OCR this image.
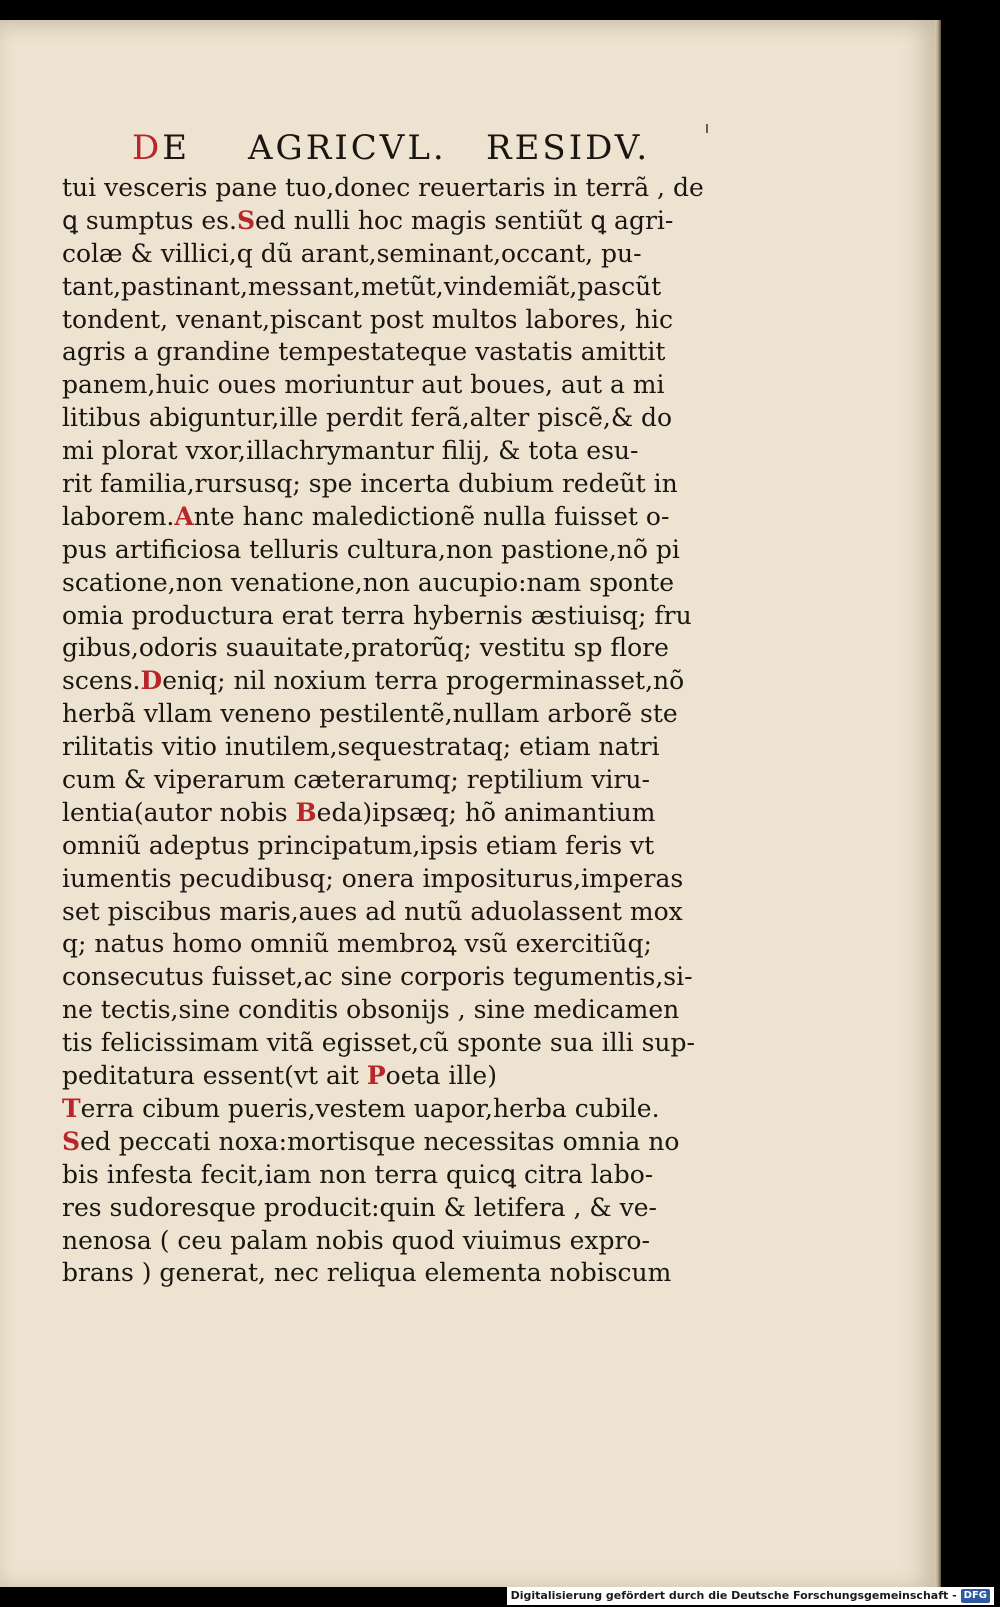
DE AGRICVL. RESIDV.
tui vesceris pane tuo,donec reuertaris in terrã , de
ꝗ sumptus es.Sed nulli hoc magis sentiũt ꝗ agri-
colæ & villici,q dũ arant,seminant,occant, pu-
tant,pastinant,messant,metũt,vindemiãt,pascũt
tondent, venant,piscant post multos labores, hic
agris a grandine tempestateque vastatis amittit
panem,huic oues moriuntur aut boues, aut a mi
litibus abiguntur,ille perdit ferã,alter piscẽ,& do
mi plorat vxor,illachrymantur filij, & tota esu-
rit familia,rursusq; spe incerta dubium redeũt in
laborem.Ante hanc maledictionẽ nulla fuisset o-
pus artificiosa telluris cultura,non pastione,nõ pi
scatione,non venatione,non aucupio:nam sponte
omia productura erat terra hybernis æstiuisq; fru
gibus,odoris suauitate,pratorũq; vestitu sp flore
scens.Deniq; nil noxium terra progerminasset,nõ
herbã vllam veneno pestilentẽ,nullam arborẽ ste
rilitatis vitio inutilem,sequestrataq; etiam natri
cum & viperarum cæterarumq; reptilium viru-
lentia(autor nobis Beda)ipsæq; hõ animantium
omniũ adeptus principatum,ipsis etiam feris vt
iumentis pecudibusq; onera impositurus,imperas
set piscibus maris,aues ad nutũ aduolassent mox
q; natus homo omniũ membroꝝ vsũ exercitiũq;
consecutus fuisset,ac sine corporis tegumentis,si-
ne tectis,sine conditis obsonijs , sine medicamen
tis felicissimam vitã egisset,cũ sponte sua illi sup-
peditatura essent(vt ait Poeta ille)
Terra cibum pueris,vestem uapor,herba cubile.
Sed peccati noxa:mortisque necessitas omnia no
bis infesta fecit,iam non terra quicꝗ citra labo-
res sudoresque producit:quin & letifera , & ve-
nenosa ( ceu palam nobis quod viuimus expro-
brans ) generat, nec reliqua elementa nobiscum
Digitalisierung gefördert durch die Deutsche Forschungsgemeinschaft - DFG
